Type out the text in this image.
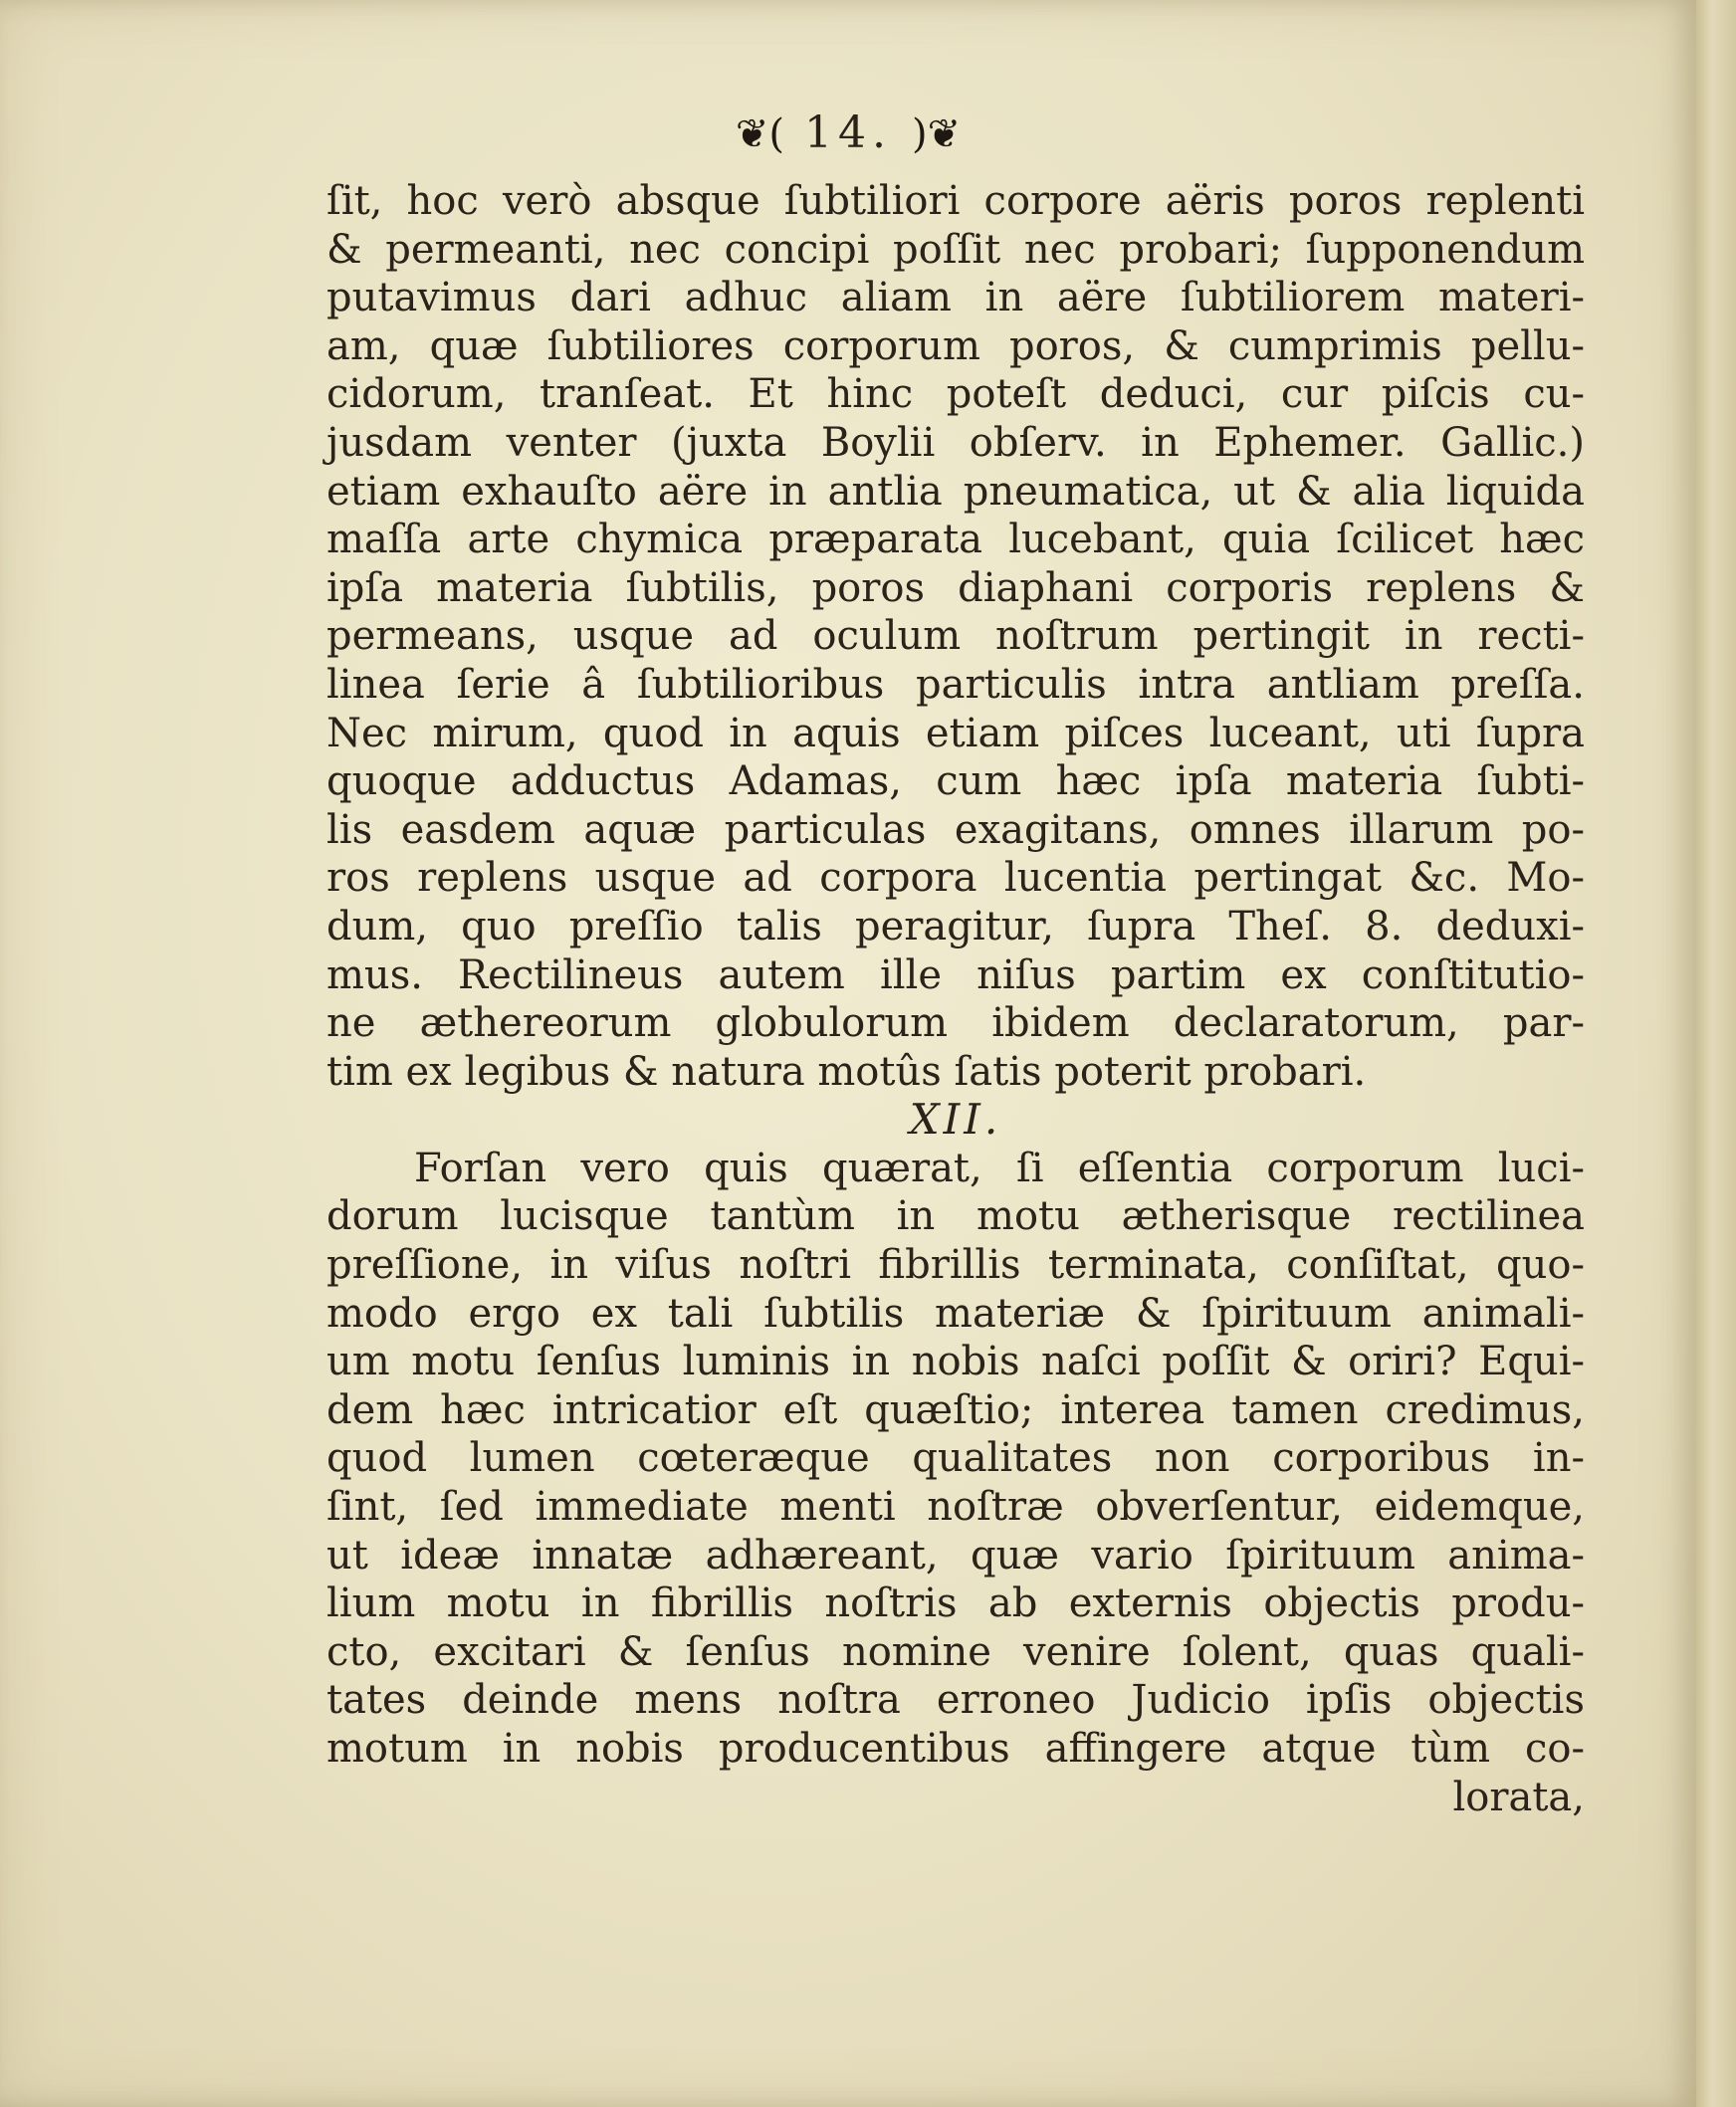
❦( 14. )❦
ſit, hoc verò absque ſubtiliori corpore aëris poros replenti
& permeanti, nec concipi poſſit nec probari; ſupponendum
putavimus dari adhuc aliam in aëre ſubtiliorem materi-
am, quæ ſubtiliores corporum poros, & cumprimis pellu-
cidorum, tranſeat. Et hinc poteſt deduci, cur piſcis cu-
jusdam venter (juxta Boylii obſerv. in Ephemer. Gallic.)
etiam exhauſto aëre in antlia pneumatica, ut & alia liquida
maſſa arte chymica præparata lucebant, quia ſcilicet hæc
ipſa materia ſubtilis, poros diaphani corporis replens &
permeans, usque ad oculum noſtrum pertingit in recti-
linea ſerie â ſubtilioribus particulis intra antliam preſſa.
Nec mirum, quod in aquis etiam piſces luceant, uti ſupra
quoque adductus Adamas, cum hæc ipſa materia ſubti-
lis easdem aquæ particulas exagitans, omnes illarum po-
ros replens usque ad corpora lucentia pertingat &c. Mo-
dum, quo preſſio talis peragitur, ſupra Theſ. 8. deduxi-
mus. Rectilineus autem ille niſus partim ex conſtitutio-
ne æthereorum globulorum ibidem declaratorum, par-
tim ex legibus & natura motûs ſatis poterit probari.
XII.
Forſan vero quis quærat, ſi eſſentia corporum luci-
dorum lucisque tantùm in motu ætherisque rectilinea
preſſione, in viſus noſtri fibrillis terminata, conſiſtat, quo-
modo ergo ex tali ſubtilis materiæ & ſpirituum animali-
um motu ſenſus luminis in nobis naſci poſſit & oriri? Equi-
dem hæc intricatior eſt quæſtio; interea tamen credimus,
quod lumen cœteræque qualitates non corporibus in-
ſint, ſed immediate menti noſtræ obverſentur, eidemque,
ut ideæ innatæ adhæreant, quæ vario ſpirituum anima-
lium motu in fibrillis noſtris ab externis objectis produ-
cto, excitari & ſenſus nomine venire ſolent, quas quali-
tates deinde mens noſtra erroneo Judicio ipſis objectis
motum in nobis producentibus affingere atque tùm co-
lorata,
